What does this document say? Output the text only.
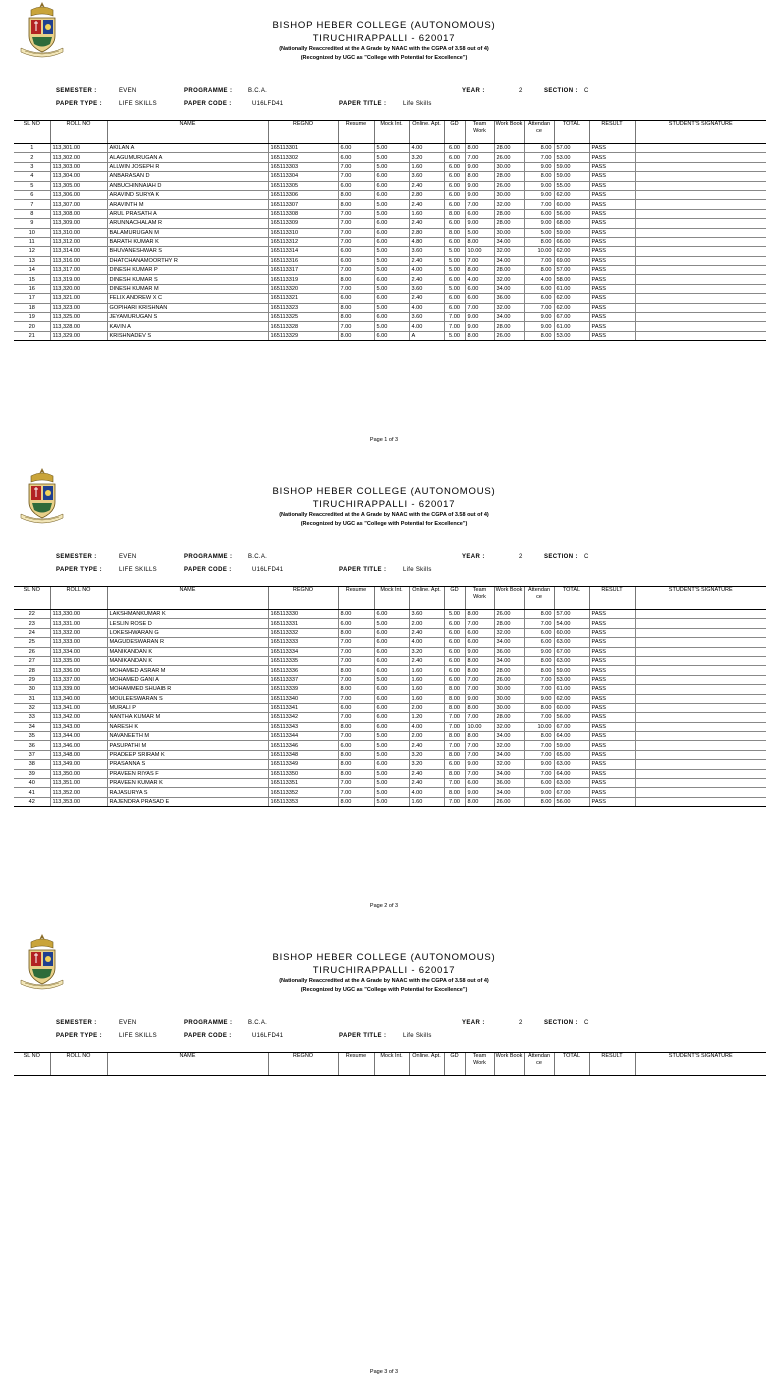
BISHOP HEBER COLLEGE (AUTONOMOUS)
TIRUCHIRAPPALLI - 620017
(Nationally Reaccredited at the A Grade by NAAC with the CGPA of 3.58 out of 4)
(Recognized by UGC as "College with Potential for Excellence")
SEMESTER :	EVEN	PROGRAMME :	B.C.A.	YEAR :	2	SECTION : C
PAPER TYPE :	LIFE SKILLS	PAPER CODE :	U16LFD41	PAPER TITLE :	Life Skills
SL NO	ROLL NO	NAME	REGNO	Resume	Mock Int.	Online. Apt.	GD	Team Work	Work Book	Attendan ce	TOTAL	RESULT	STUDENT'S SIGNATURE
1	113,301.00	AKILAN A	165113301	6.00	5.00	4.00	6.00	8.00	28.00	8.00	57.00	PASS	
2	113,302.00	ALAGUMURUGAN A	165113302	6.00	5.00	3.20	6.00	7.00	26.00	7.00	53.00	PASS	
3	113,303.00	ALLWIN JOSEPH R	165113303	7.00	5.00	1.60	6.00	9.00	30.00	9.00	59.00	PASS	
4	113,304.00	ANBARASAN D	165113304	7.00	6.00	3.60	6.00	8.00	28.00	8.00	59.00	PASS	
5	113,305.00	ANBUCHINNAIAH D	165113305	6.00	6.00	2.40	6.00	9.00	26.00	9.00	55.00	PASS	
6	113,306.00	ARAVIND SURYA K	165113306	8.00	6.00	2.80	6.00	9.00	30.00	9.00	62.00	PASS	
7	113,307.00	ARAVINTH M	165113307	8.00	5.00	2.40	6.00	7.00	32.00	7.00	60.00	PASS	
8	113,308.00	ARUL PRASATH A	165113308	7.00	5.00	1.60	8.00	6.00	28.00	6.00	56.00	PASS	
9	113,309.00	ARUNNACHALAM R	165113309	7.00	6.00	2.40	6.00	9.00	28.00	9.00	68.00	PASS	
10	113,310.00	BALAMURUGAN M	165113310	7.00	6.00	2.80	8.00	5.00	30.00	5.00	59.00	PASS	
11	113,312.00	BARATH KUMAR K	165113312	7.00	6.00	4.80	6.00	8.00	34.00	8.00	66.00	PASS	
12	113,314.00	BHUVANESHWAR S	165113314	6.00	5.00	3.60	5.00	10.00	32.00	10.00	62.00	PASS	
13	113,316.00	DHATCHANAMOORTHY R	165113316	6.00	5.00	2.40	5.00	7.00	34.00	7.00	69.00	PASS	
14	113,317.00	DINESH KUMAR P	165113317	7.00	5.00	4.00	5.00	8.00	28.00	8.00	57.00	PASS	
15	113,319.00	DINESH KUMAR S	165113319	8.00	6.00	2.40	6.00	4.00	32.00	4.00	58.00	PASS	
16	113,320.00	DINESH KUMAR M	165113320	7.00	5.00	3.60	5.00	6.00	34.00	6.00	61.00	PASS	
17	113,321.00	FELIX ANDREW X C	165113321	6.00	6.00	2.40	6.00	6.00	36.00	6.00	62.00	PASS	
18	113,323.00	GOPIHARI KRISHNAN	165113323	8.00	5.00	4.00	6.00	7.00	32.00	7.00	62.00	PASS	
19	113,325.00	JEYAMURUGAN S	165113325	8.00	6.00	3.60	7.00	9.00	34.00	9.00	67.00	PASS	
20	113,328.00	KAVIN A	165113328	7.00	5.00	4.00	7.00	9.00	28.00	9.00	61.00	PASS	
21	113,329.00	KRISHNADEV S	165113329	8.00	6.00	A	5.00	8.00	26.00	8.00	53.00	PASS	
Page 1 of 3
BISHOP HEBER COLLEGE (AUTONOMOUS)
TIRUCHIRAPPALLI - 620017
(Nationally Reaccredited at the A Grade by NAAC with the CGPA of 3.58 out of 4)
(Recognized by UGC as "College with Potential for Excellence")
SEMESTER :	EVEN	PROGRAMME :	B.C.A.	YEAR :	2	SECTION : C
PAPER TYPE :	LIFE SKILLS	PAPER CODE :	U16LFD41	PAPER TITLE :	Life Skills
SL NO	ROLL NO	NAME	REGNO	Resume	Mock Int.	Online. Apt.	GD	Team Work	Work Book	Attendan ce	TOTAL	RESULT	STUDENT'S SIGNATURE
22	113,330.00	LAKSHMANKUMAR K	165113330	8.00	6.00	3.60	5.00	8.00	26.00	8.00	57.00	PASS	
23	113,331.00	LESLIN ROSE D	165113331	6.00	5.00	2.00	6.00	7.00	28.00	7.00	54.00	PASS	
24	113,332.00	LOKESHWARAN G	165113332	8.00	6.00	2.40	6.00	6.00	32.00	6.00	60.00	PASS	
25	113,333.00	MAGUDESWARAN R	165113333	7.00	6.00	4.00	6.00	6.00	34.00	6.00	63.00	PASS	
26	113,334.00	MANIKANDAN K	165113334	7.00	6.00	3.20	6.00	9.00	36.00	9.00	67.00	PASS	
27	113,335.00	MANIKANDAN K	165113335	7.00	6.00	2.40	6.00	8.00	34.00	8.00	63.00	PASS	
28	113,336.00	MOHAMED ASRAR M	165113336	8.00	6.00	1.60	6.00	8.00	28.00	8.00	59.00	PASS	
29	113,337.00	MOHAMED GANI A	165113337	7.00	5.00	1.60	6.00	7.00	26.00	7.00	53.00	PASS	
30	113,339.00	MOHAMMED SHUAIB R	165113339	8.00	6.00	1.60	8.00	7.00	30.00	7.00	61.00	PASS	
31	113,340.00	MOULEESWARAN S	165113340	7.00	6.00	1.60	8.00	9.00	30.00	9.00	62.00	PASS	
32	113,341.00	MURALI P	165113341	6.00	6.00	2.00	8.00	8.00	30.00	8.00	60.00	PASS	
33	113,342.00	NANTHA KUMAR M	165113342	7.00	6.00	1.20	7.00	7.00	28.00	7.00	56.00	PASS	
34	113,343.00	NARESH K	165113343	8.00	6.00	4.00	7.00	10.00	32.00	10.00	67.00	PASS	
35	113,344.00	NAVANEETH M	165113344	7.00	5.00	2.00	8.00	8.00	34.00	8.00	64.00	PASS	
36	113,346.00	PASUPATHI M	165113346	6.00	5.00	2.40	7.00	7.00	32.00	7.00	59.00	PASS	
37	113,348.00	PRADEEP SRIRAM K	165113348	8.00	5.00	3.20	8.00	7.00	34.00	7.00	65.00	PASS	
38	113,349.00	PRASANNA S	165113349	8.00	6.00	3.20	6.00	9.00	32.00	9.00	63.00	PASS	
39	113,350.00	PRAVEEN RIYAS F	165113350	8.00	5.00	2.40	8.00	7.00	34.00	7.00	64.00	PASS	
40	113,351.00	PRAVEEN KUMAR K	165113351	7.00	5.00	2.40	7.00	6.00	36.00	6.00	63.00	PASS	
41	113,352.00	RAJASURYA S	165113352	7.00	5.00	4.00	8.00	9.00	34.00	9.00	67.00	PASS	
42	113,353.00	RAJENDRA PRASAD E	165113353	8.00	5.00	1.60	7.00	8.00	26.00	8.00	56.00	PASS	
Page 2 of 3
BISHOP HEBER COLLEGE (AUTONOMOUS)
TIRUCHIRAPPALLI - 620017
(Nationally Reaccredited at the A Grade by NAAC with the CGPA of 3.58 out of 4)
(Recognized by UGC as "College with Potential for Excellence")
SEMESTER :	EVEN	PROGRAMME :	B.C.A.	YEAR :	2	SECTION : C
PAPER TYPE :	LIFE SKILLS	PAPER CODE :	U16LFD41	PAPER TITLE :	Life Skills
SL NO	ROLL NO	NAME	REGNO	Resume	Mock Int.	Online. Apt.	GD	Team Work	Work Book	Attendan ce	TOTAL	RESULT	STUDENT'S SIGNATURE
Page 3 of 3
